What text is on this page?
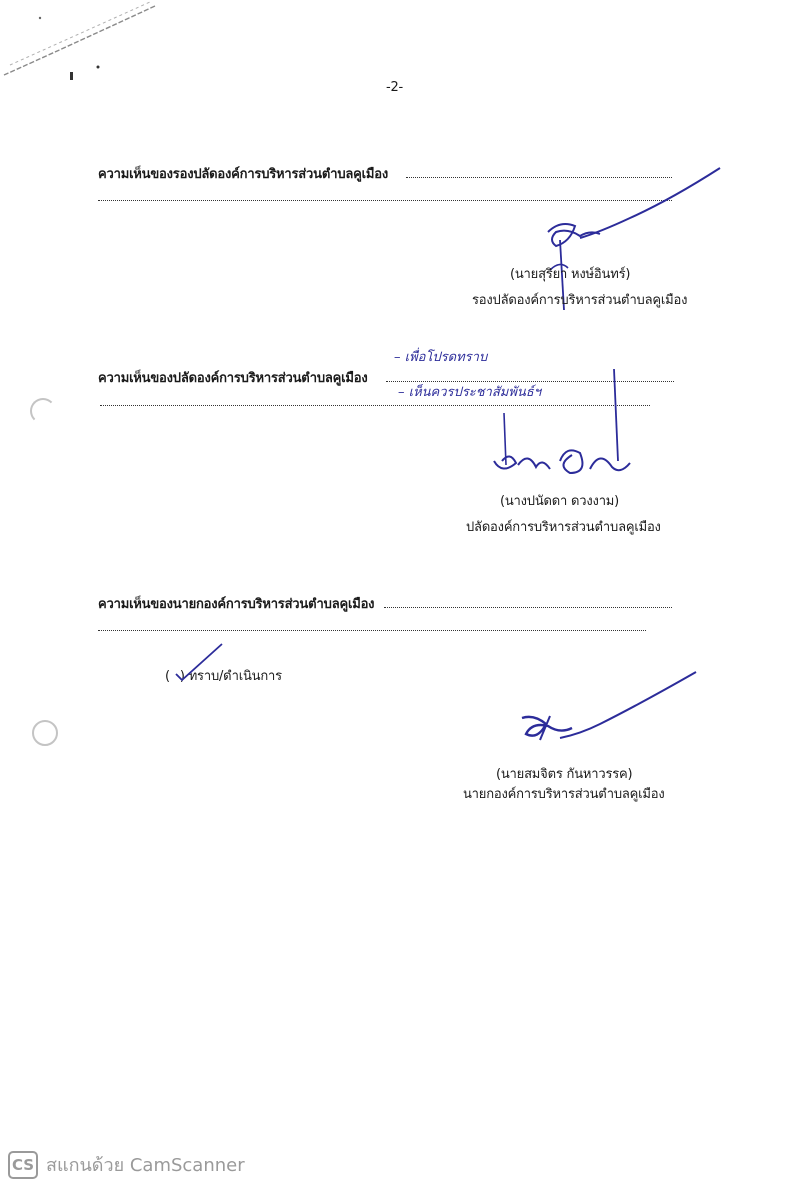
-2-
ความเห็นของรองปลัดองค์การบริหารส่วนตำบลคูเมือง
(นายสุริยา หงษ์อินทร์)
รองปลัดองค์การบริหารส่วนตำบลคูเมือง
ความเห็นของปลัดองค์การบริหารส่วนตำบลคูเมือง
– เพื่อโปรดทราบ
– เห็นควรประชาสัมพันธ์ฯ
(นางปนัดดา ดวงงาม)
ปลัดองค์การบริหารส่วนตำบลคูเมือง
ความเห็นของนายกองค์การบริหารส่วนตำบลคูเมือง
( ) ทราบ/ดำเนินการ
(นายสมจิตร กันหาวรรค)
นายกองค์การบริหารส่วนตำบลคูเมือง
CS สแกนด้วย CamScanner
